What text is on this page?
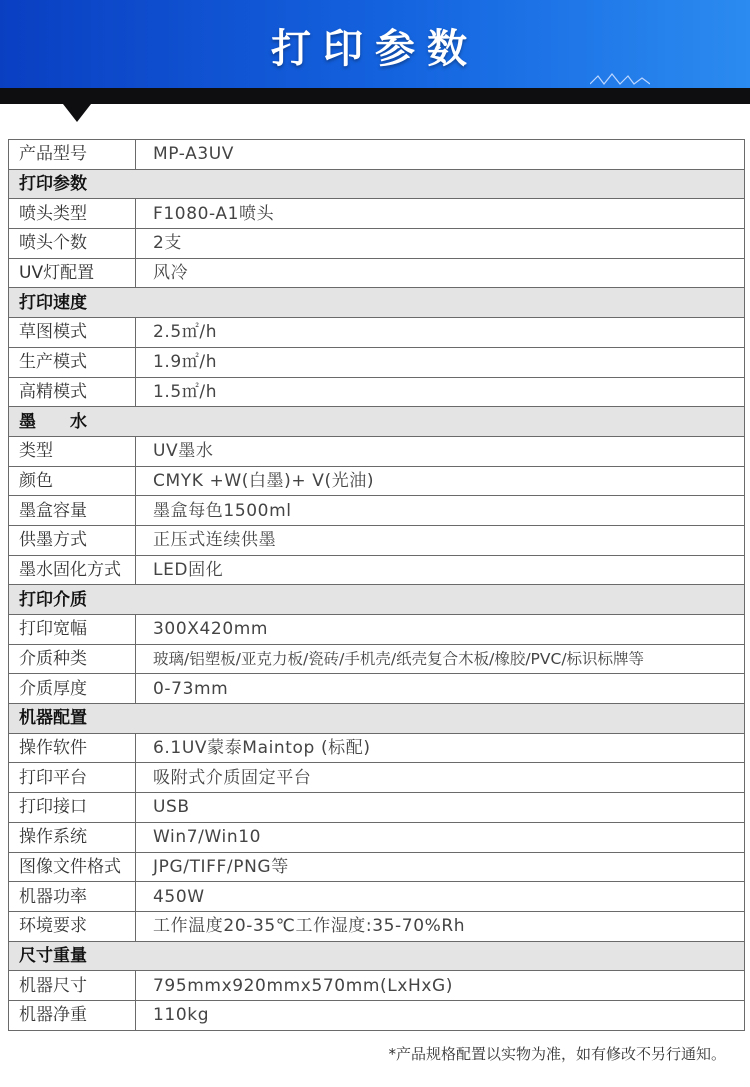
打印参数
产品型号	MP-A3UV
打印参数	
喷头类型	F1080-A1喷头
喷头个数	2支
UV灯配置	风冷
打印速度	
草图模式	2.5㎡/h
生产模式	1.9㎡/h
高精模式	1.5㎡/h
墨　　水	
类型	UV墨水
颜色	CMYK +W(白墨)+ V(光油)
墨盒容量	墨盒每色1500ml
供墨方式	正压式连续供墨
墨水固化方式	LED固化
打印介质	
打印宽幅	300X420mm
介质种类	玻璃/铝塑板/亚克力板/瓷砖/手机壳/纸壳复合木板/橡胶/PVC/标识标牌等
介质厚度	0-73mm
机器配置	
操作软件	6.1UV蒙泰Maintop (标配)
打印平台	吸附式介质固定平台
打印接口	USB
操作系统	Win7/Win10
图像文件格式	JPG/TIFF/PNG等
机器功率	450W
环境要求	工作温度20-35℃工作湿度:35-70%Rh
尺寸重量	
机器尺寸	795mmx920mmx570mm(LxHxG)
机器净重	110kg
*产品规格配置以实物为准，如有修改不另行通知。
